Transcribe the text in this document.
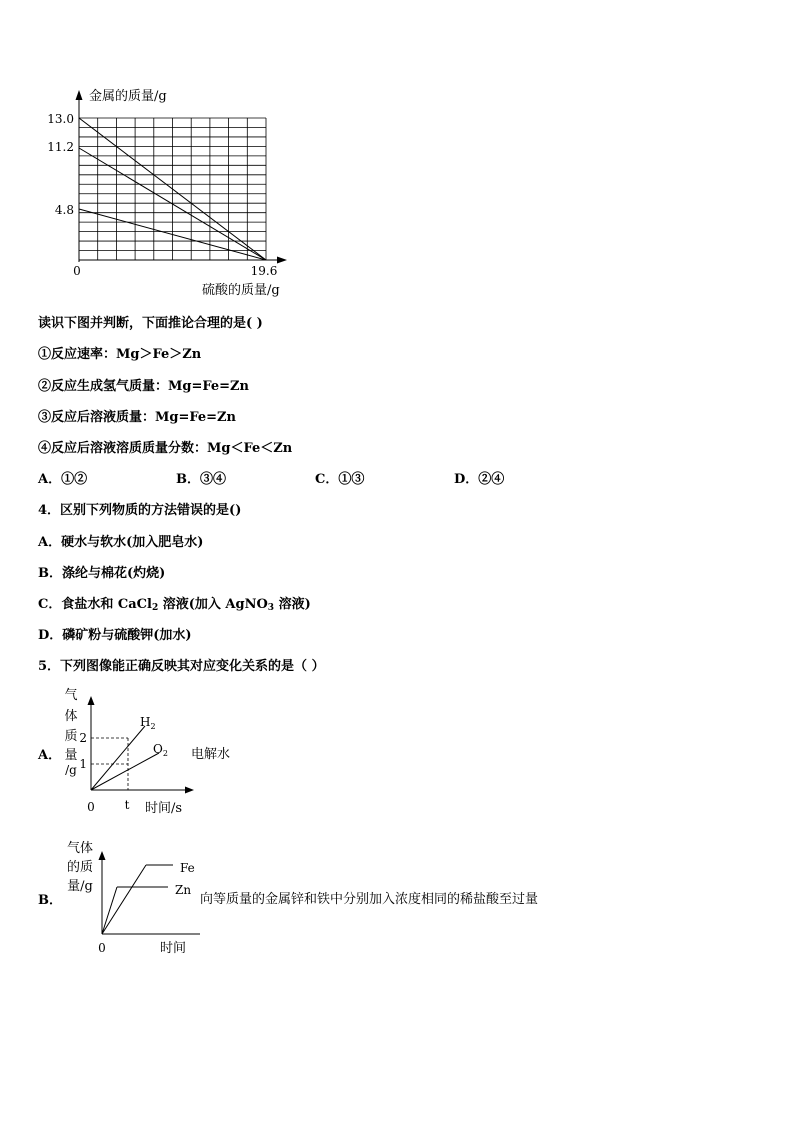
金属的质量/g
13.0
11.2
4.8
0	19.6
硫酸的质量/g
读识下图并判断，下面推论合理的是( )
①反应速率：Mg＞Fe＞Zn
②反应生成氢气质量：Mg=Fe=Zn
③反应后溶液质量：Mg=Fe=Zn
④反应后溶液溶质质量分数：Mg＜Fe＜Zn
A．①②	B．③④	C．①③	D．②④
4．区别下列物质的方法错误的是()
A．硬水与软水(加入肥皂水)
B．涤纶与棉花(灼烧)
C．食盐水和 CaCl$_2$ 溶液(加入 AgNO$_3$ 溶液)
D．磷矿粉与硫酸钾(加水)
5．下列图像能正确反映其对应变化关系的是（ ）
A．
气
体
质
量
/g
2
1
$H_2$
$O_2$
0 t 时间/s
电解水
B．
气体
的质
量/g
Fe
Zn
0	时间
向等质量的金属锌和铁中分别加入浓度相同的稀盐酸至过量
